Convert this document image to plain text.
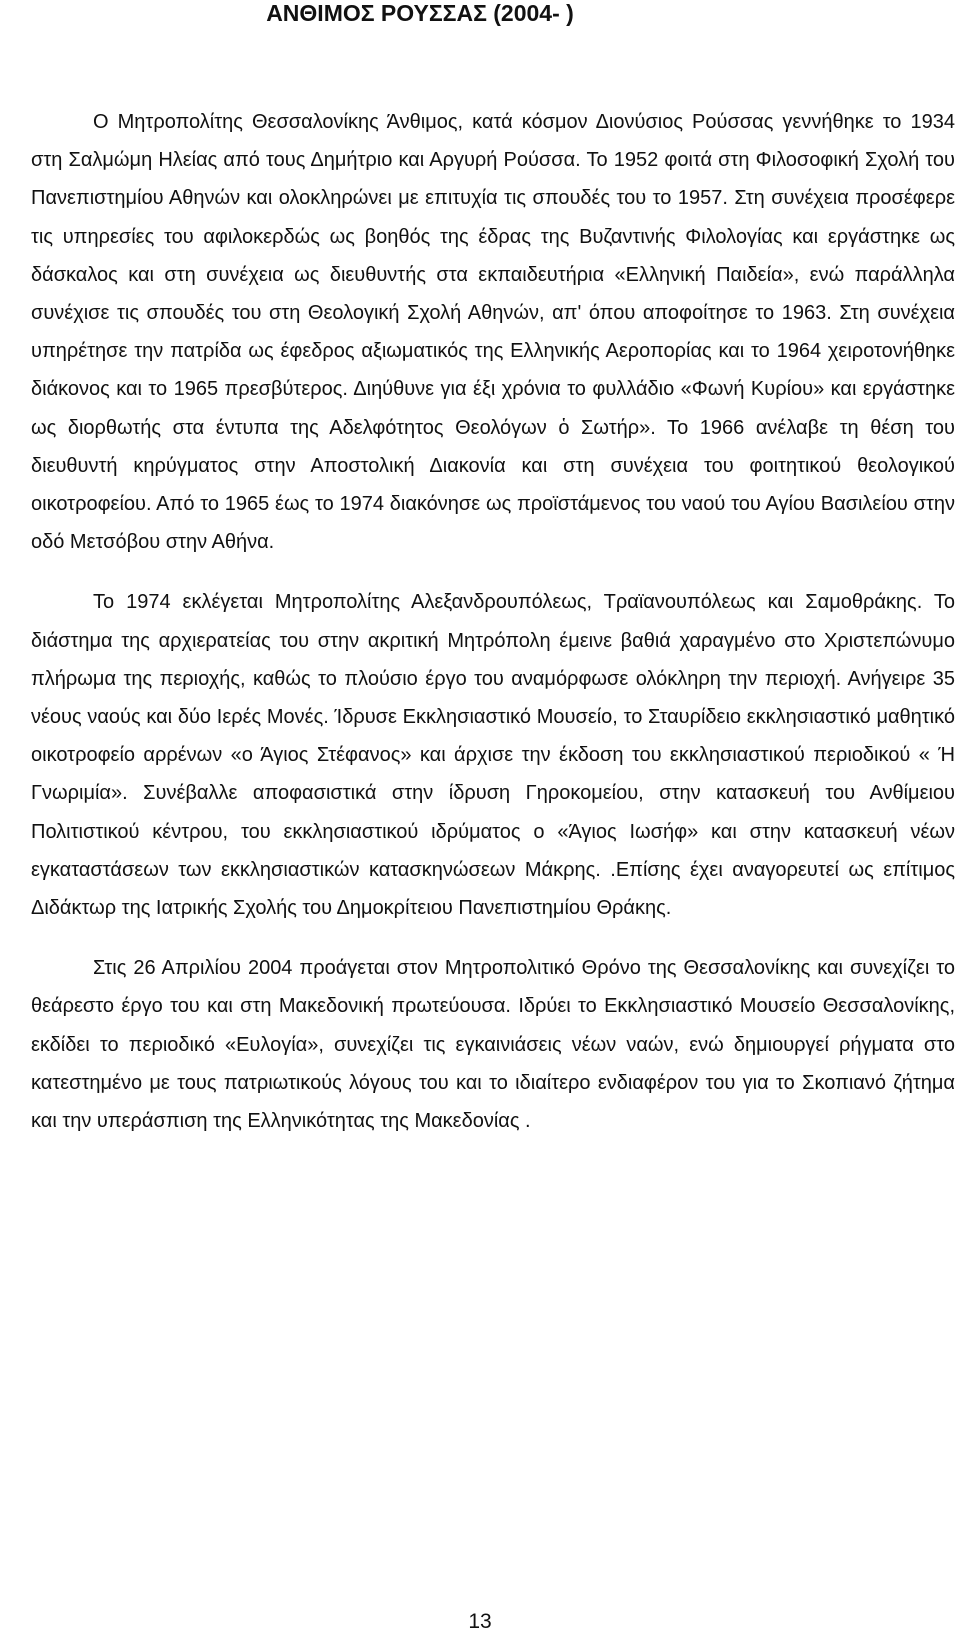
ΑΝΘΙΜΟΣ ΡΟΥΣΣΑΣ (2004- )

Ο Μητροπολίτης Θεσσαλονίκης Άνθιμος, κατά κόσμον Διονύσιος Ρούσσας γεννήθηκε το 1934 στη Σαλμώμη Ηλείας από τους Δημήτριο και Αργυρή Ρούσσα. Το 1952 φοιτά στη Φιλοσοφική Σχολή του Πανεπιστημίου Αθηνών και ολοκληρώνει με επιτυχία τις σπουδές του το 1957. Στη συνέχεια προσέφερε τις υπηρεσίες του αφιλοκερδώς ως βοηθός της έδρας της Βυζαντινής Φιλολογίας και εργάστηκε ως δάσκαλος και στη συνέχεια ως διευθυντής στα εκπαιδευτήρια «Ελληνική Παιδεία», ενώ παράλληλα συνέχισε τις σπουδές του στη Θεολογική Σχολή Αθηνών, απ' όπου αποφοίτησε το 1963. Στη συνέχεια υπηρέτησε την πατρίδα ως έφεδρος αξιωματικός της Ελληνικής Αεροπορίας και το 1964 χειροτονήθηκε διάκονος και το 1965 πρεσβύτερος. Διηύθυνε για έξι χρόνια το φυλλάδιο «Φωνή Κυρίου» και εργάστηκε ως διορθωτής στα έντυπα της Αδελφότητος Θεολόγων ὁ Σωτήρ». Το 1966 ανέλαβε τη θέση του διευθυντή κηρύγματος στην Αποστολική Διακονία και στη συνέχεια του φοιτητικού θεολογικού οικοτροφείου. Από το 1965 έως το 1974 διακόνησε ως προϊστάμενος του ναού του Αγίου Βασιλείου στην οδό Μετσόβου στην Αθήνα.

Το 1974 εκλέγεται Μητροπολίτης Αλεξανδρουπόλεως, Τραϊανουπόλεως και Σαμοθράκης. Το διάστημα της αρχιερατείας του στην ακριτική Μητρόπολη έμεινε βαθιά χαραγμένο στο Χριστεπώνυμο πλήρωμα της περιοχής, καθώς το πλούσιο έργο του αναμόρφωσε ολόκληρη την περιοχή. Ανήγειρε 35 νέους ναούς και δύο Ιερές Μονές. Ίδρυσε Εκκλησιαστικό Μουσείο, το Σταυρίδειο εκκλησιαστικό μαθητικό οικοτροφείο αρρένων «ο Άγιος Στέφανος» και άρχισε την έκδοση του εκκλησιαστικού περιοδικού « Ή Γνωριμία». Συνέβαλλε αποφασιστικά στην ίδρυση Γηροκομείου, στην κατασκευή του Ανθίμειου Πολιτιστικού κέντρου, του εκκλησιαστικού ιδρύματος ο «Άγιος Ιωσήφ» και στην κατασκευή νέων εγκαταστάσεων των εκκλησιαστικών κατασκηνώσεων Μάκρης. .Επίσης έχει αναγορευτεί ως επίτιμος Διδάκτωρ της Ιατρικής Σχολής του Δημοκρίτειου Πανεπιστημίου Θράκης.

Στις 26 Απριλίου 2004 προάγεται στον Μητροπολιτικό Θρόνο της Θεσσαλονίκης και συνεχίζει το θεάρεστο έργο του και στη Μακεδονική πρωτεύουσα. Ιδρύει το Εκκλησιαστικό Μουσείο Θεσσαλονίκης, εκδίδει το περιοδικό «Ευλογία», συνεχίζει τις εγκαινιάσεις νέων ναών, ενώ δημιουργεί ρήγματα στο κατεστημένο με τους πατριωτικούς λόγους του και το ιδιαίτερο ενδιαφέρον του για το Σκοπιανό ζήτημα και την υπεράσπιση της Ελληνικότητας της Μακεδονίας .

13
